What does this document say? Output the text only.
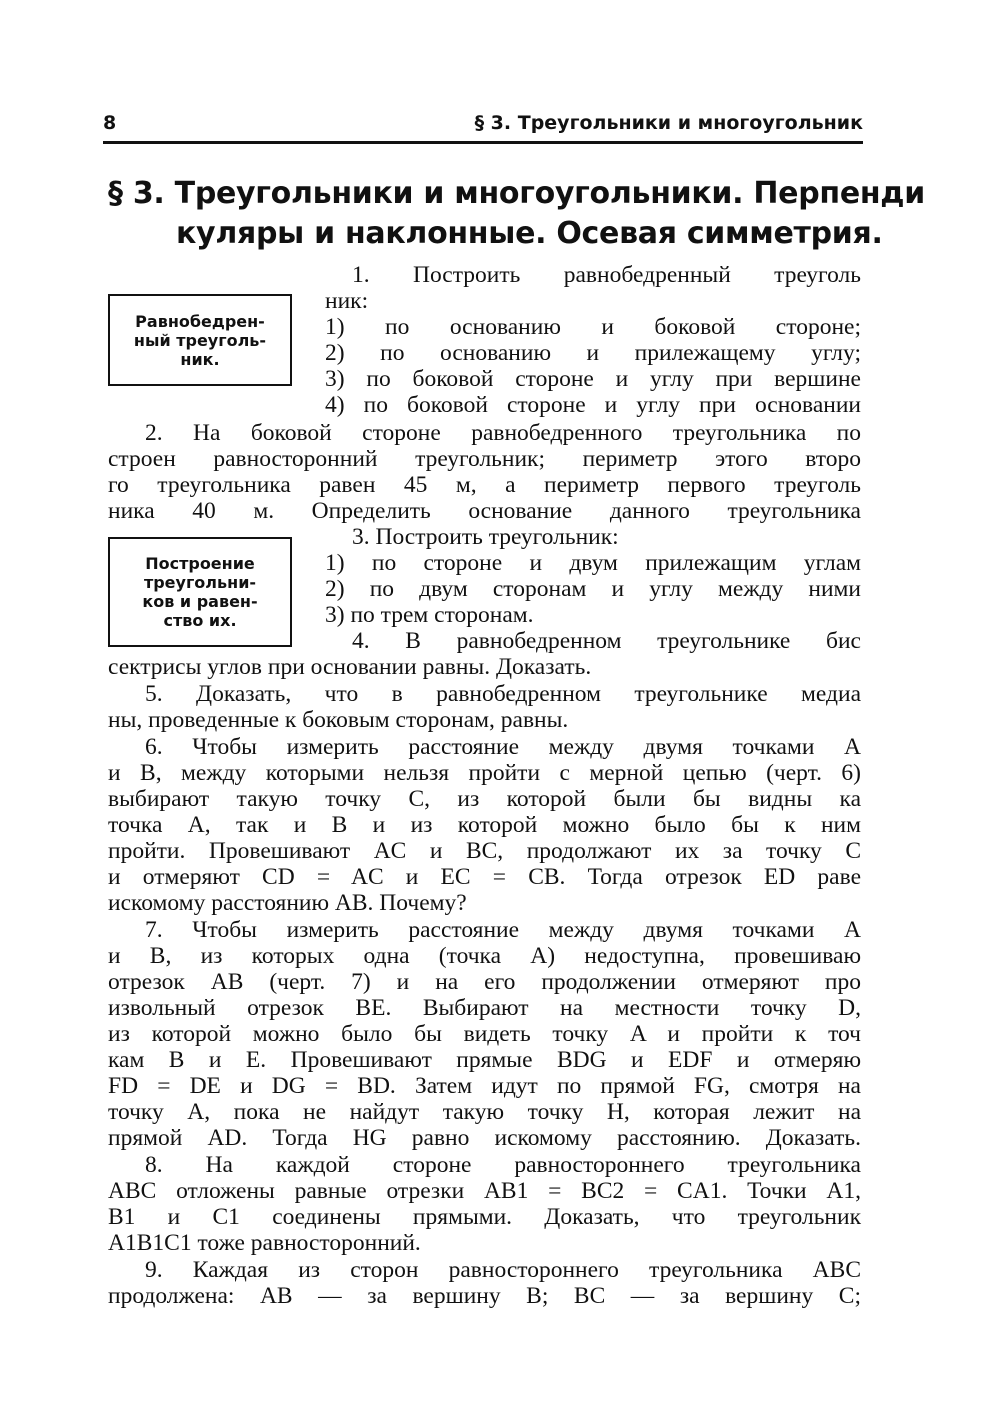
8	§ 3. Треугольники и многоугольник
§ 3. Треугольники и многоугольники. Перпенди
куляры и наклонные. Осевая симметрия.
Равнобедрен-
ный треуголь-
ник.
Построение
треугольни-
ков и равен-
ство их.
1. Построить равнобедренный треуголь
ник:
1) по основанию и боковой стороне;
2) по основанию и прилежащему углу;
3) по боковой стороне и углу при вершине
4) по боковой стороне и углу при основании
2. На боковой стороне равнобедренного треугольника по
строен равносторонний треугольник; периметр этого второ
го треугольника равен 45 м, а периметр первого треуголь
ника 40 м. Определить основание данного треугольника
3. Построить треугольник:
1) по стороне и двум прилежащим углам
2) по двум сторонам и углу между ними
3) по трем сторонам.
4. В равнобедренном треугольнике бис
сектрисы углов при основании равны. Доказать.
5. Доказать, что в равнобедренном треугольнике медиа
ны, проведенные к боковым сторонам, равны.
6. Чтобы измерить расстояние между двумя точками A
и B, между которыми нельзя пройти с мерной цепью (черт. 6)
выбирают такую точку C, из которой были бы видны ка
точка A, так и B и из которой можно было бы к ним
пройти. Провешивают AC и BC, продолжают их за точку C
и отмеряют CD = AC и EC = CB. Тогда отрезок ED раве
искомому расстоянию AB. Почему?
7. Чтобы измерить расстояние между двумя точками A
и B, из которых одна (точка A) недоступна, провешиваю
отрезок AB (черт. 7) и на его продолжении отмеряют про
извольный отрезок BE. Выбирают на местности точку D,
из которой можно было бы видеть точку A и пройти к точ
кам B и E. Провешивают прямые BDG и EDF и отмеряю
FD = DE и DG = BD. Затем идут по прямой FG, смотря на
точку A, пока не найдут такую точку H, которая лежит на
прямой AD. Тогда HG равно искомому расстоянию. Доказать.
8. На каждой стороне равностороннего треугольника
ABC отложены равные отрезки AB1 = BC2 = CA1. Точки A1,
B1 и C1 соединены прямыми. Доказать, что треугольник
A1B1C1 тоже равносторонний.
9. Каждая из сторон равностороннего треугольника ABC
продолжена: AB — за вершину B; BC — за вершину C;
